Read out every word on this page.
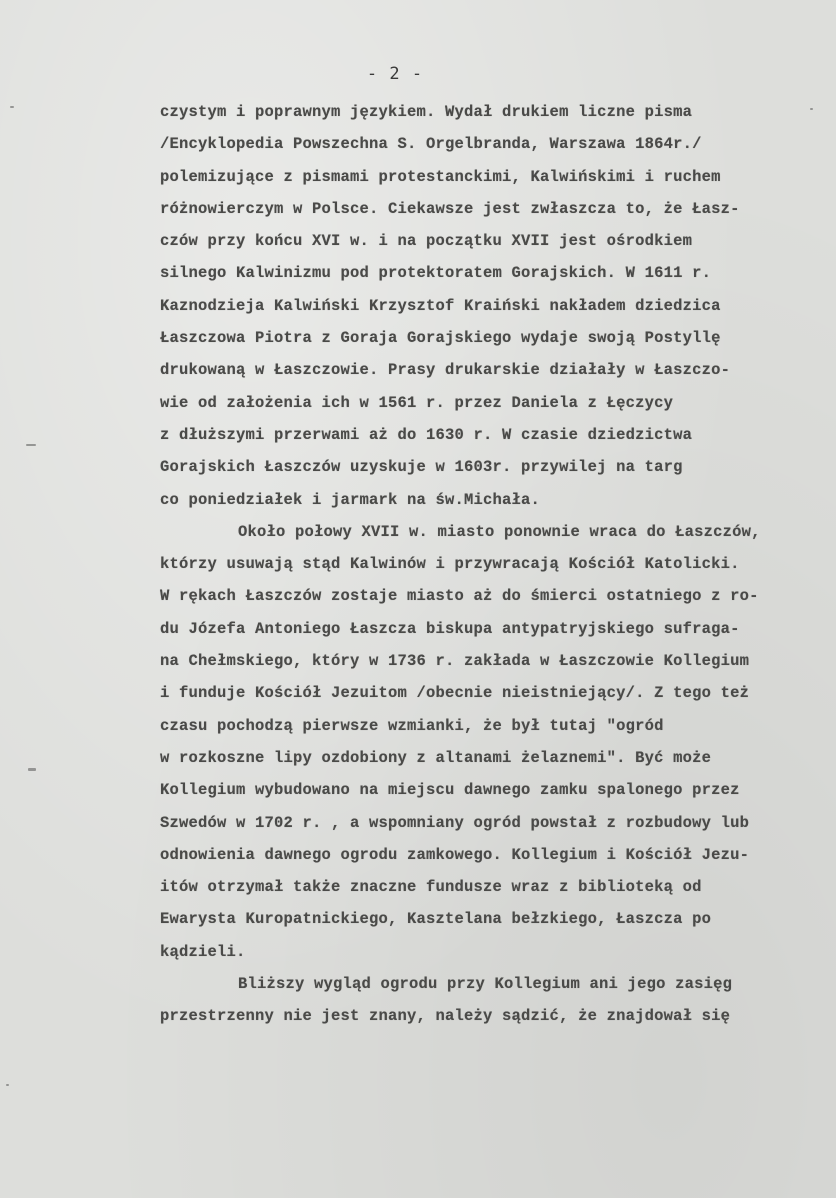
- 2 -
czystym i poprawnym językiem. Wydał drukiem liczne pisma
/Encyklopedia Powszechna S. Orgelbranda, Warszawa 1864r./
polemizujące z pismami protestanckimi, Kalwińskimi i ruchem
różnowierczym w Polsce. Ciekawsze jest zwłaszcza to, że Łasz-
czów przy końcu XVI w. i na początku XVII jest ośrodkiem
silnego Kalwinizmu pod protektoratem Gorajskich. W 1611 r.
Kaznodzieja Kalwiński Krzysztof Kraiński nakładem dziedzica
Łaszczowa Piotra z Goraja Gorajskiego wydaje swoją Postyllę
drukowaną w Łaszczowie. Prasy drukarskie działały w Łaszczo-
wie od założenia ich w 1561 r. przez Daniela z Łęczycy
z dłuższymi przerwami aż do 1630 r. W czasie dziedzictwa
Gorajskich Łaszczów uzyskuje w 1603r. przywilej na targ
co poniedziałek i jarmark na św.Michała.
Około połowy XVII w. miasto ponownie wraca do Łaszczów,
którzy usuwają stąd Kalwinów i przywracają Kościół Katolicki.
W rękach Łaszczów zostaje miasto aż do śmierci ostatniego z ro-
du Józefa Antoniego Łaszcza biskupa antypatryjskiego sufraga-
na Chełmskiego, który w 1736 r. zakłada w Łaszczowie Kollegium
i funduje Kościół Jezuitom /obecnie nieistniejący/. Z tego też
czasu pochodzą pierwsze wzmianki, że był tutaj "ogród
w rozkoszne lipy ozdobiony z altanami żelaznemi". Być może
Kollegium wybudowano na miejscu dawnego zamku spalonego przez
Szwedów w 1702 r. , a wspomniany ogród powstał z rozbudowy lub
odnowienia dawnego ogrodu zamkowego. Kollegium i Kościół Jezu-
itów otrzymał także znaczne fundusze wraz z biblioteką od
Ewarysta Kuropatnickiego, Kasztelana bełzkiego, Łaszcza po
kądzieli.
Bliższy wygląd ogrodu przy Kollegium ani jego zasięg
przestrzenny nie jest znany, należy sądzić, że znajdował się
